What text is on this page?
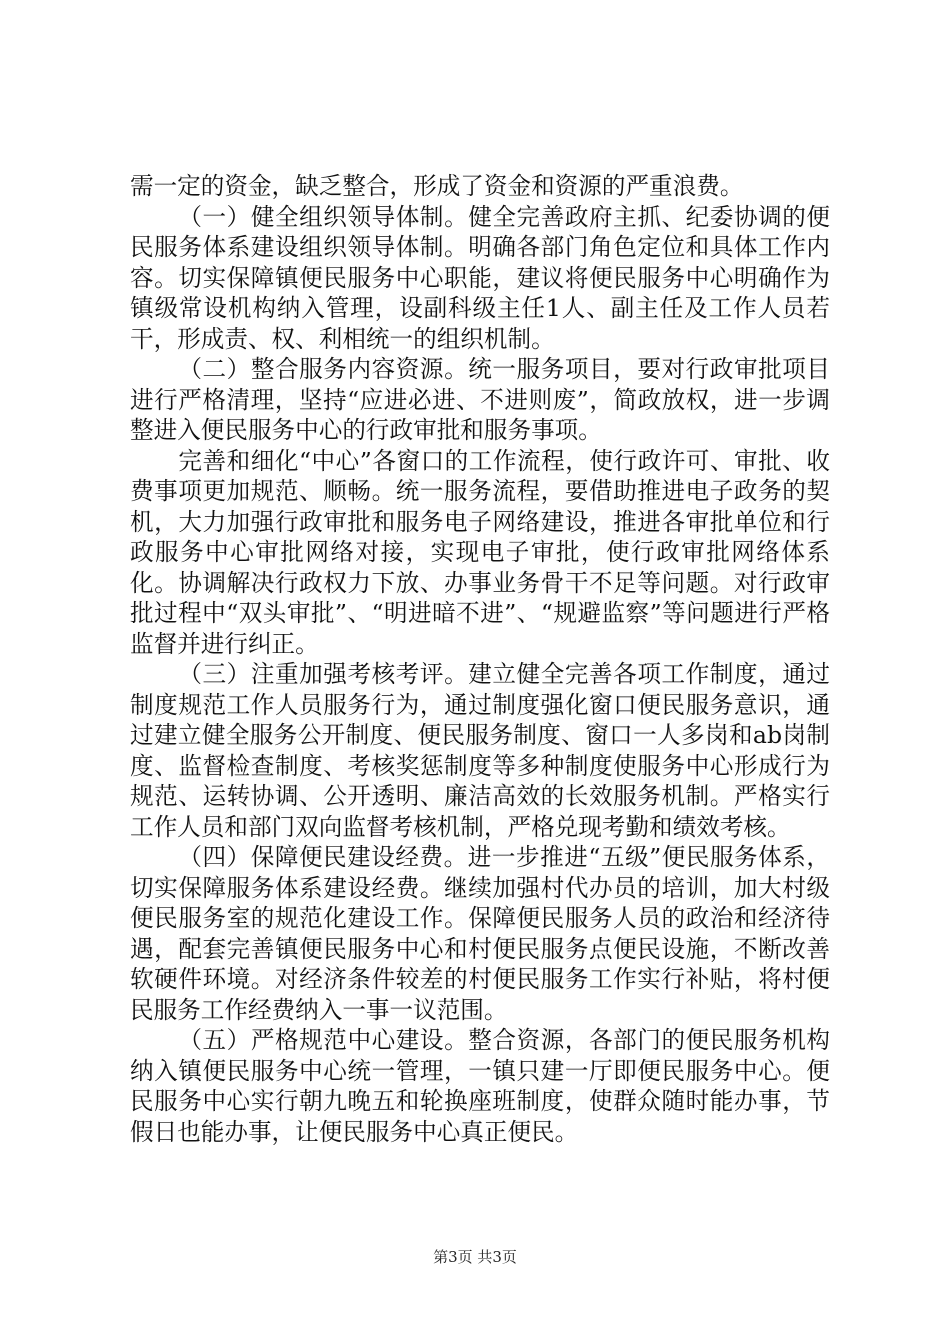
需一定的资金，缺乏整合，形成了资金和资源的严重浪费。

（一）健全组织领导体制。健全完善政府主抓、纪委协调的便民服务体系建设组织领导体制。明确各部门角色定位和具体工作内容。切实保障镇便民服务中心职能，建议将便民服务中心明确作为镇级常设机构纳入管理，设副科级主任1人、副主任及工作人员若干，形成责、权、利相统一的组织机制。

（二）整合服务内容资源。统一服务项目，要对行政审批项目进行严格清理，坚持“应进必进、不进则废”，简政放权，进一步调整进入便民服务中心的行政审批和服务事项。

完善和细化“中心”各窗口的工作流程，使行政许可、审批、收费事项更加规范、顺畅。统一服务流程，要借助推进电子政务的契机，大力加强行政审批和服务电子网络建设，推进各审批单位和行政服务中心审批网络对接，实现电子审批，使行政审批网络体系化。协调解决行政权力下放、办事业务骨干不足等问题。对行政审批过程中“双头审批”、“明进暗不进”、“规避监察”等问题进行严格监督并进行纠正。

（三）注重加强考核考评。建立健全完善各项工作制度，通过制度规范工作人员服务行为，通过制度强化窗口便民服务意识，通过建立健全服务公开制度、便民服务制度、窗口一人多岗和ab岗制度、监督检查制度、考核奖惩制度等多种制度使服务中心形成行为规范、运转协调、公开透明、廉洁高效的长效服务机制。严格实行工作人员和部门双向监督考核机制，严格兑现考勤和绩效考核。

（四）保障便民建设经费。进一步推进“五级”便民服务体系，切实保障服务体系建设经费。继续加强村代办员的培训，加大村级便民服务室的规范化建设工作。保障便民服务人员的政治和经济待遇，配套完善镇便民服务中心和村便民服务点便民设施，不断改善软硬件环境。对经济条件较差的村便民服务工作实行补贴，将村便民服务工作经费纳入一事一议范围。

（五）严格规范中心建设。整合资源，各部门的便民服务机构纳入镇便民服务中心统一管理，一镇只建一厅即便民服务中心。便民服务中心实行朝九晚五和轮换座班制度，使群众随时能办事，节假日也能办事，让便民服务中心真正便民。

第3页 共3页
